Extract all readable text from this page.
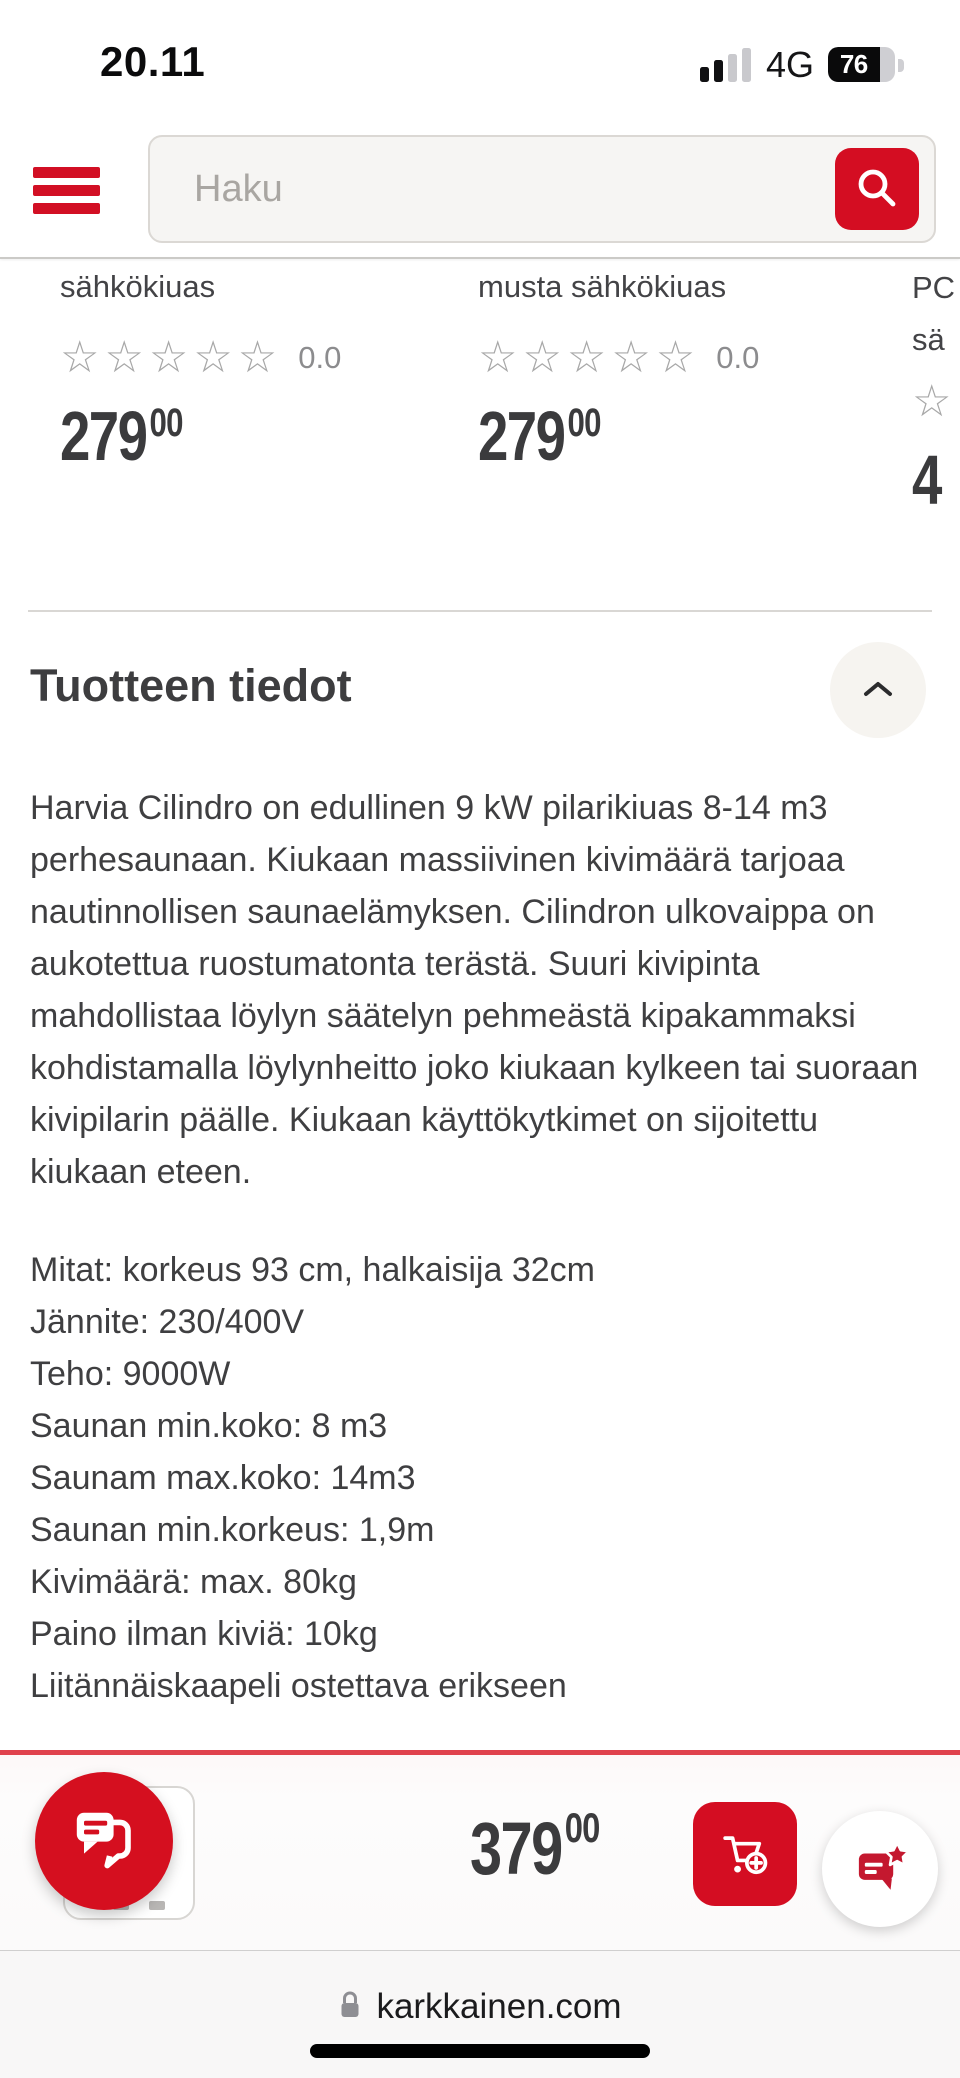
20.11	4G 76
Haku
sähkökiuas
☆☆☆☆☆ 0.0
$279^{00}$
musta sähkökiuas
☆☆☆☆☆ 0.0
$279^{00}$
PC
sä
☆
4
Tuotteen tiedot

Harvia Cilindro on edullinen 9 kW pilarikiuas 8-14 m3 perhesaunaan. Kiukaan massiivinen kivimäärä tarjoaa nautinnollisen saunaelämyksen. Cilindron ulkovaippa on aukotettua ruostumatonta terästä. Suuri kivipinta mahdollistaa löylyn säätelyn pehmeästä kipakammaksi kohdistamalla löylynheitto joko kiukaan kylkeen tai suoraan kivipilarin päälle. Kiukaan käyttökytkimet on sijoitettu kiukaan eteen.

Mitat: korkeus 93 cm, halkaisija 32cm
Jännite: 230/400V
Teho: 9000W
Saunan min.koko: 8 m3
Saunam max.koko: 14m3
Saunan min.korkeus: 1,9m
Kivimäärä: max. 80kg
Paino ilman kiviä: 10kg
Liitännäiskaapeli ostettava erikseen
$379^{00}$
karkkainen.com
